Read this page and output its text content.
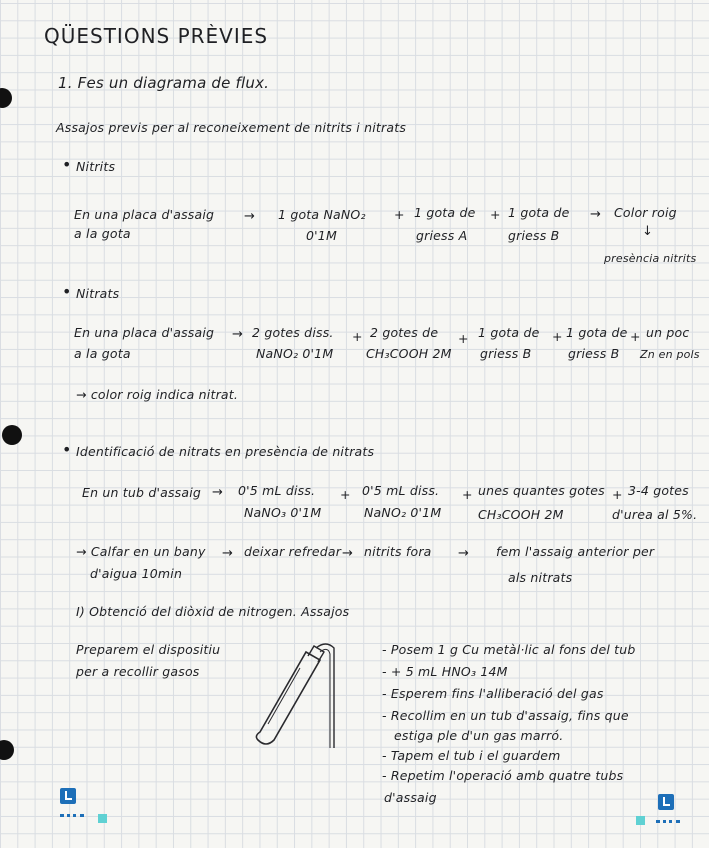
QÜESTIONS PRÈVIES
1. Fes un diagrama de flux.
Assajos previs per al reconeixement de nitrits i nitrats
• Nitrits
En una placa d'assaig
a la gota
→ 1 gota NaNO₂
0'1M
+ 1 gota de
griess A
+ 1 gota de
griess B
→ Color roig
↓
presència nitrits
• Nitrats
En una placa d'assaig
a la gota
→ 2 gotes diss.
NaNO₂ 0'1M
+ 2 gotes de
CH₃COOH 2M
+ 1 gota de
griess B
+ 1 gota de
griess B
+ un poc
Zn en pols
→ color roig indica nitrat.
• Identificació de nitrats en presència de nitrats
En un tub d'assaig → 0'5 mL diss.
NaNO₃ 0'1M
+ 0'5 mL diss.
NaNO₂ 0'1M
+ unes quantes gotes
CH₃COOH 2M
+ 3-4 gotes
d'urea al 5%.
→ Calfar en un bany
d'aigua 10min
→ deixar refredar → nitrits fora → fem l'assaig anterior per
als nitrats
I) Obtenció del diòxid de nitrogen. Assajos
Preparem el dispositiu
per a recollir gasos
- Posem 1 g Cu metàl·lic al fons del tub
- + 5 mL HNO₃ 14M
- Esperem fins l'alliberació del gas
- Recollim en un tub d'assaig, fins que
estiga ple d'un gas marró.
- Tapem el tub i el guardem
- Repetim l'operació amb quatre tubs
d'assaig
